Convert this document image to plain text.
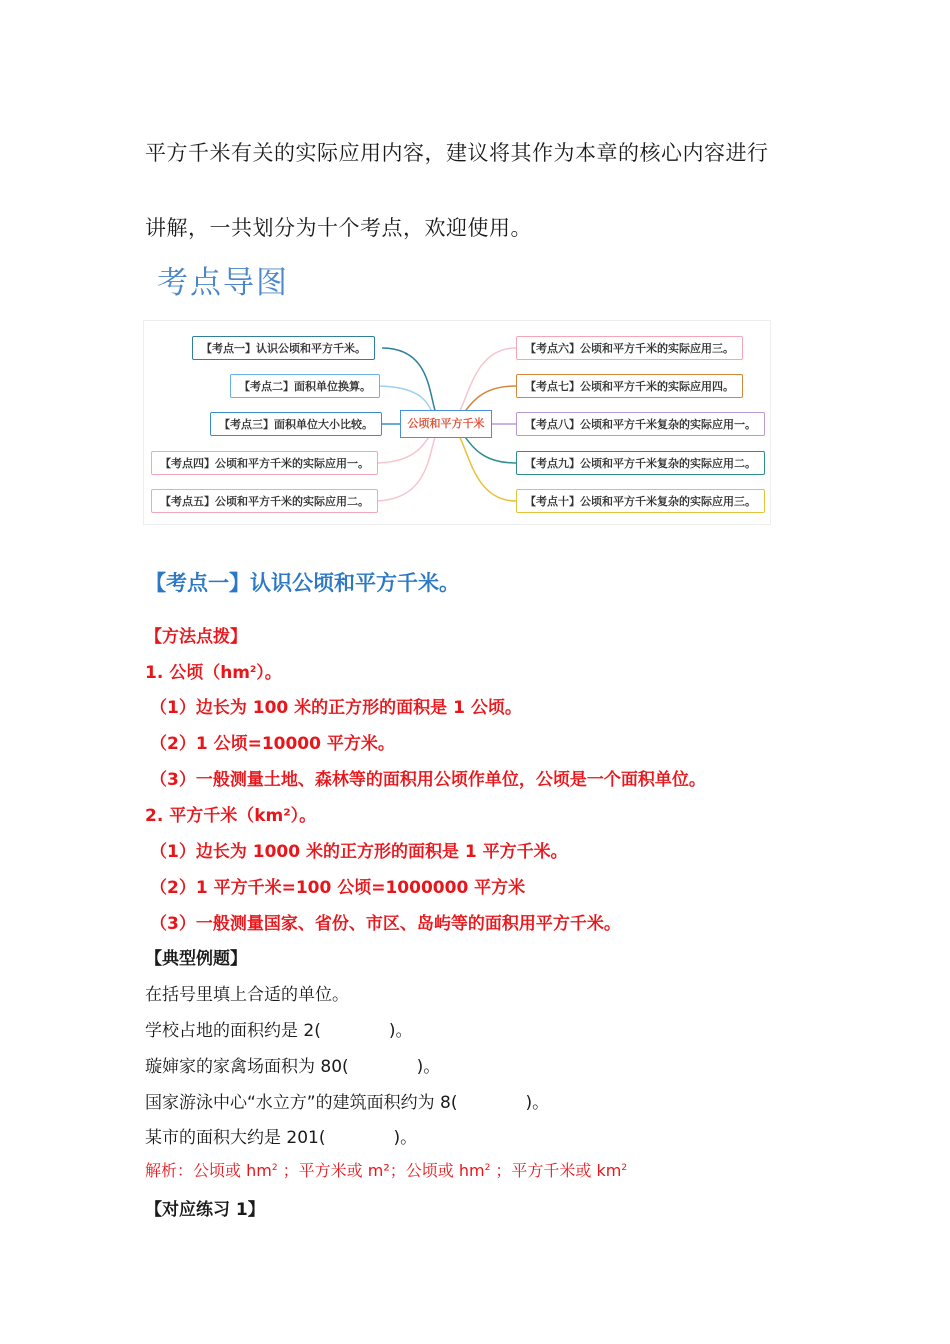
平方千米有关的实际应用内容，建议将其作为本章的核心内容进行
讲解，一共划分为十个考点，欢迎使用。
考点导图
【考点一】认识公顷和平方千米。
【考点二】面积单位换算。
【考点三】面积单位大小比较。
【考点四】公顷和平方千米的实际应用一。
【考点五】公顷和平方千米的实际应用二。
公顷和平方千米
【考点六】公顷和平方千米的实际应用三。
【考点七】公顷和平方千米的实际应用四。
【考点八】公顷和平方千米复杂的实际应用一。
【考点九】公顷和平方千米复杂的实际应用二。
【考点十】公顷和平方千米复杂的实际应用三。
【考点一】认识公顷和平方千米。
【方法点拨】
1. 公顷$(hm^2)$。
（1）边长为 100 米的正方形的面积是 1 公顷。
（2）1 公顷=10000 平方米。
（3）一般测量土地、森林等的面积用公顷作单位，公顷是一个面积单位。
2. 平方千米（km²）。
（1）边长为 1000 米的正方形的面积是 1 平方千米。
（2）1 平方千米=100 公顷=1000000 平方米
（3）一般测量国家、省份、市区、岛屿等的面积用平方千米。
【典型例题】
在括号里填上合适的单位。
学校占地的面积约是 2(　　　　)。
璇婶家的家禽场面积为 80(　　　　)。
国家游泳中心“水立方”的建筑面积约为 8(　　　　)。
某市的面积大约是 201(　　　　)。
解析：公顷或 $hm^2$ ；平方米或 m²；公顷或 $hm^2$ ；平方千米或 $km^2$
【对应练习 1】
